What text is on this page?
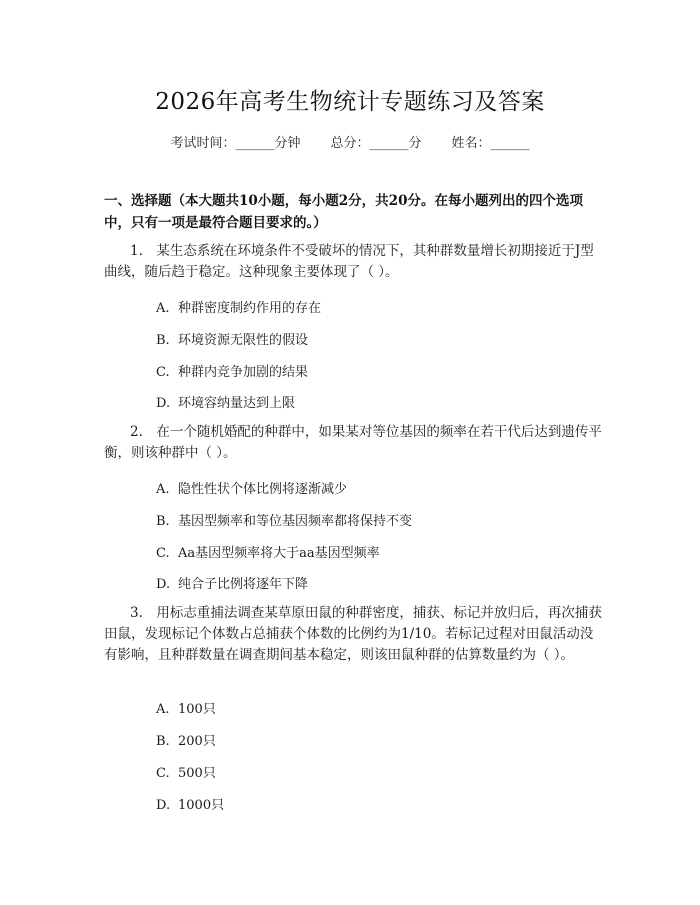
2026年高考生物统计专题练习及答案
考试时间：______分钟 总分：______分 姓名：______
一、选择题（本大题共10小题，每小题2分，共20分。在每小题列出的四个选项中，只有一项是最符合题目要求的。）
1.　某生态系统在环境条件不受破坏的情况下，其种群数量增长初期接近于J型曲线，随后趋于稳定。这种现象主要体现了（ ）。
A. 种群密度制约作用的存在
B. 环境资源无限性的假设
C. 种群内竞争加剧的结果
D. 环境容纳量达到上限
2.　在一个随机婚配的种群中，如果某对等位基因的频率在若干代后达到遗传平衡，则该种群中（ ）。
A. 隐性性状个体比例将逐渐减少
B. 基因型频率和等位基因频率都将保持不变
C. Aa基因型频率将大于aa基因型频率
D. 纯合子比例将逐年下降
3.　用标志重捕法调查某草原田鼠的种群密度，捕获、标记并放归后，再次捕获田鼠，发现标记个体数占总捕获个体数的比例约为1/10。若标记过程对田鼠活动没有影响，且种群数量在调查期间基本稳定，则该田鼠种群的估算数量约为（ ）。
A. 100只
B. 200只
C. 500只
D. 1000只
